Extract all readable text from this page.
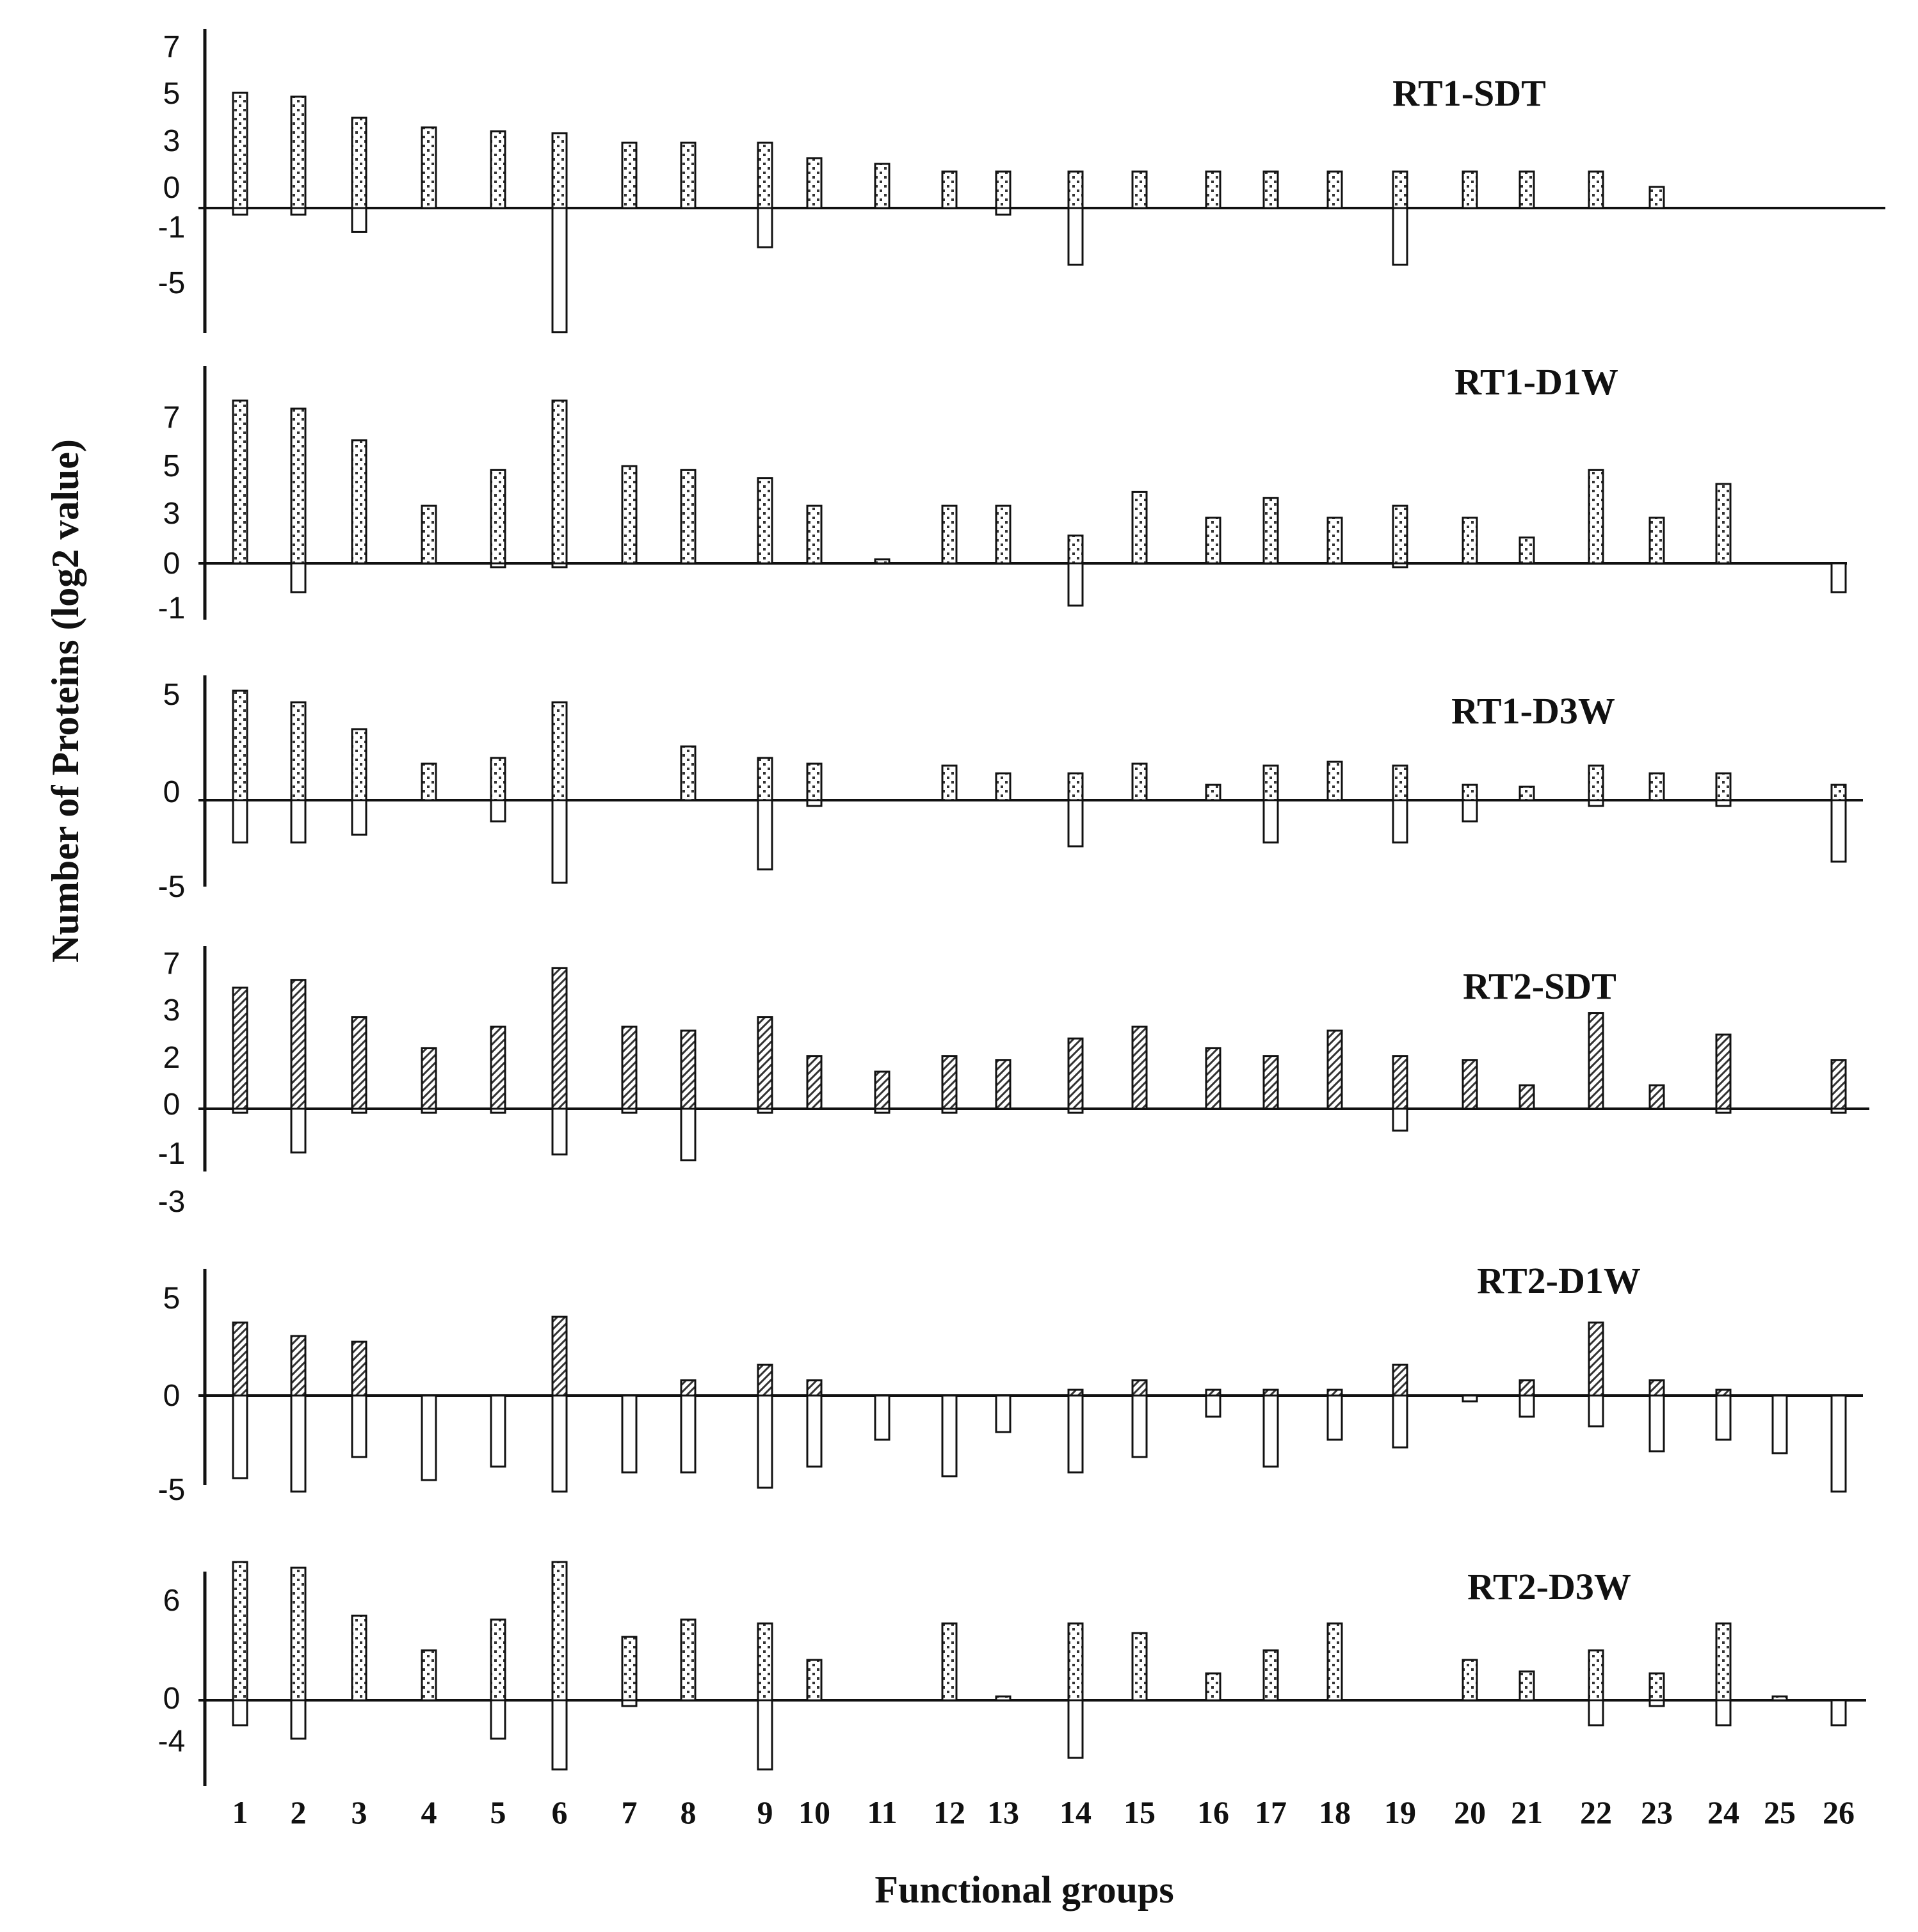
Number of Proteins (log2 value)
Functional groups
7
5
3
0
-1
-5
RT1-SDT
7
5
3
0
-1
RT1-D1W
5
0
-5
RT1-D3W
7
3
2
0
-1
-3
RT2-SDT
5
0
-5
RT2-D1W
6
0
-4
RT2-D3W
1 2 3 4 5 6 7 8 9 10 11 12 13 14 15 16 17 18 19 20 21 22 23 24 25 26
